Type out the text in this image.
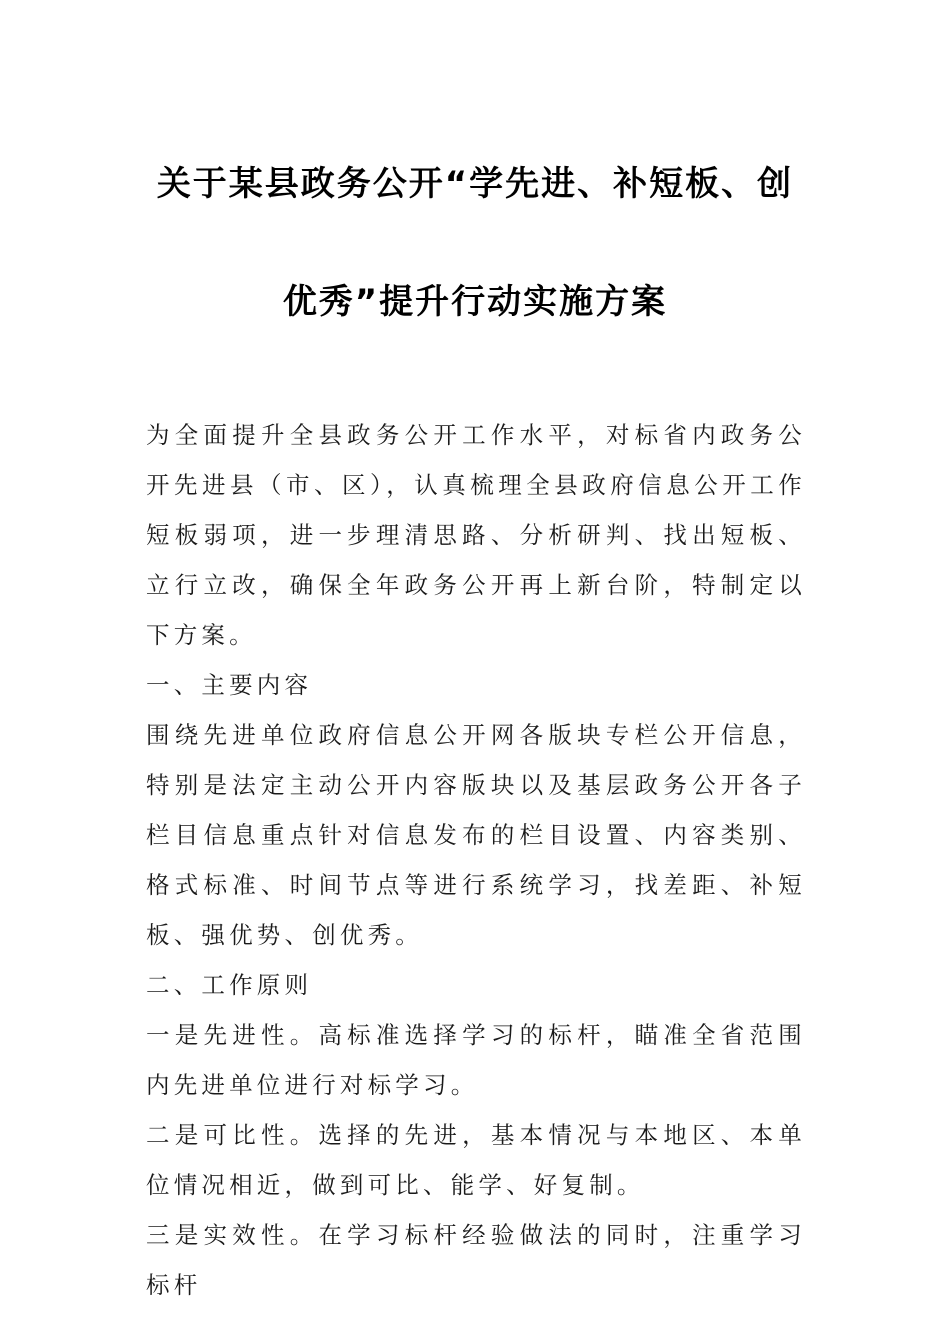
关于某县政务公开“学先进、补短板、创
优秀”提升行动实施方案

为全面提升全县政务公开工作水平，对标省内政务公开先进县（市、区），认真梳理全县政府信息公开工作短板弱项，进一步理清思路、分析研判、找出短板、立行立改，确保全年政务公开再上新台阶，特制定以下方案。

一、主要内容

围绕先进单位政府信息公开网各版块专栏公开信息，特别是法定主动公开内容版块以及基层政务公开各子栏目信息重点针对信息发布的栏目设置、内容类别、格式标准、时间节点等进行系统学习，找差距、补短板、强优势、创优秀。

二、工作原则

一是先进性。高标准选择学习的标杆，瞄准全省范围内先进单位进行对标学习。

二是可比性。选择的先进，基本情况与本地区、本单位情况相近，做到可比、能学、好复制。

三是实效性。在学习标杆经验做法的同时，注重学习标杆
